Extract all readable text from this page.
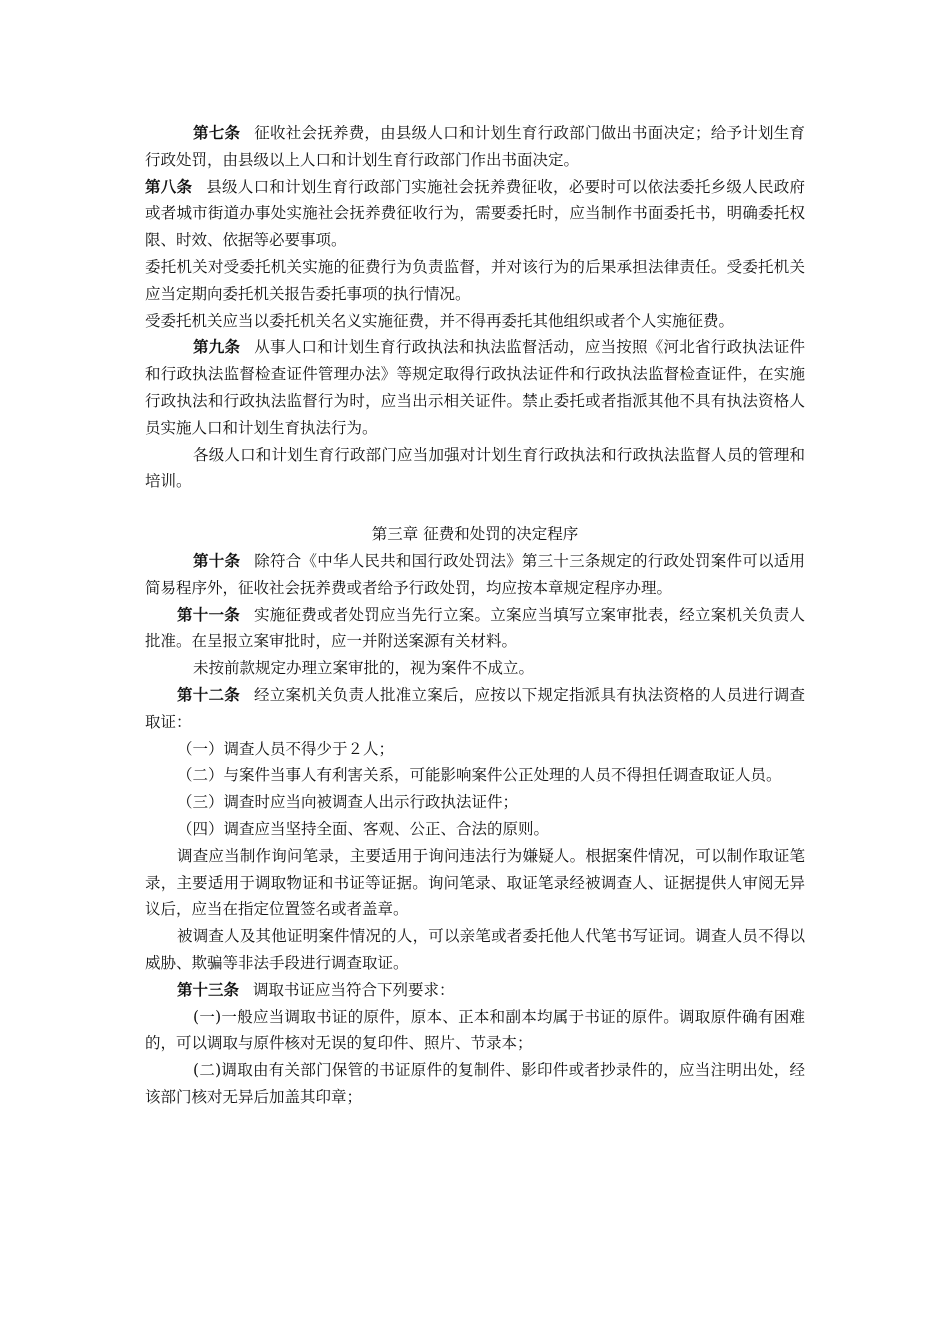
第七条 征收社会抚养费，由县级人口和计划生育行政部门做出书面决定；给予计划生育行政处罚，由县级以上人口和计划生育行政部门作出书面决定。

第八条 县级人口和计划生育行政部门实施社会抚养费征收，必要时可以依法委托乡级人民政府或者城市街道办事处实施社会抚养费征收行为，需要委托时，应当制作书面委托书，明确委托权限、时效、依据等必要事项。

委托机关对受委托机关实施的征费行为负责监督，并对该行为的后果承担法律责任。受委托机关应当定期向委托机关报告委托事项的执行情况。

受委托机关应当以委托机关名义实施征费，并不得再委托其他组织或者个人实施征费。

第九条 从事人口和计划生育行政执法和执法监督活动，应当按照《河北省行政执法证件和行政执法监督检查证件管理办法》等规定取得行政执法证件和行政执法监督检查证件，在实施行政执法和行政执法监督行为时，应当出示相关证件。禁止委托或者指派其他不具有执法资格人员实施人口和计划生育执法行为。

各级人口和计划生育行政部门应当加强对计划生育行政执法和行政执法监督人员的管理和培训。

第三章 征费和处罚的决定程序

第十条 除符合《中华人民共和国行政处罚法》第三十三条规定的行政处罚案件可以适用简易程序外，征收社会抚养费或者给予行政处罚，均应按本章规定程序办理。

第十一条 实施征费或者处罚应当先行立案。立案应当填写立案审批表，经立案机关负责人批准。在呈报立案审批时，应一并附送案源有关材料。

未按前款规定办理立案审批的，视为案件不成立。

第十二条 经立案机关负责人批准立案后，应按以下规定指派具有执法资格的人员进行调查取证：

（一）调查人员不得少于２人；

（二）与案件当事人有利害关系，可能影响案件公正处理的人员不得担任调查取证人员。

（三）调查时应当向被调查人出示行政执法证件；

（四）调查应当坚持全面、客观、公正、合法的原则。

调查应当制作询问笔录，主要适用于询问违法行为嫌疑人。根据案件情况，可以制作取证笔录，主要适用于调取物证和书证等证据。询问笔录、取证笔录经被调查人、证据提供人审阅无异议后，应当在指定位置签名或者盖章。

被调查人及其他证明案件情况的人，可以亲笔或者委托他人代笔书写证词。调查人员不得以威胁、欺骗等非法手段进行调查取证。

第十三条 调取书证应当符合下列要求：

(一)一般应当调取书证的原件，原本、正本和副本均属于书证的原件。调取原件确有困难的，可以调取与原件核对无误的复印件、照片、节录本；

(二)调取由有关部门保管的书证原件的复制件、影印件或者抄录件的，应当注明出处，经该部门核对无异后加盖其印章；
